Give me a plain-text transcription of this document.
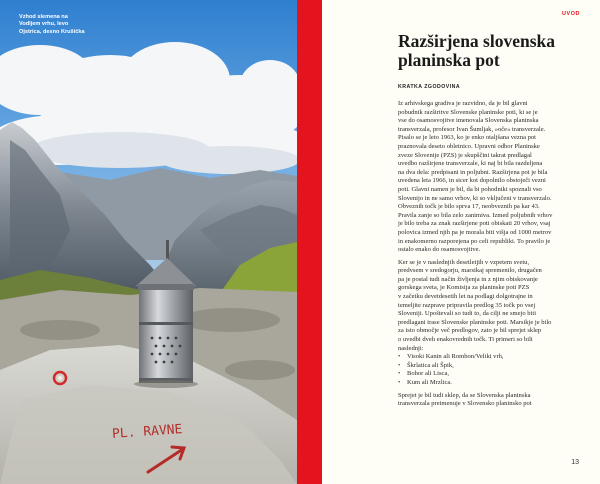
PL. RAVNE
Vzhod slemena na
Vodljem vrhu, levo
Ojstrica, desno Krušička
UVOD
Razširjena slovenska
planinska pot
KRATKA ZGODOVINA
Iz arhivskega gradiva je razvidno, da je bil glavni
pobudnik razširitve Slovenske planinske poti, ki se je
vse do osamosvojitve imenovala Slovenska planinska
transverzala, profesor Ivan Šumljak, »oče« transverzale.
Pisalo se je leto 1963, ko je enko otaljšana vezna pot
praznovala deseto obletnico. Upravni odbor Planinske
zveze Slovenije (PZS) je skupščini takrat predlagal
uvedbo razširjene transverzale, ki naj bi bila razdeljena
na dva dela: predpisani in poljubni. Razširjena pot je bila
uvedena leta 1966, in sicer kot dopolnilo obstoječi vezni
poti. Glavni namen je bil, da bi pohodniki spoznali vso
Slovenijo in ne samo vrhov, ki so vključeni v transverzalo.
Obveznih točk je bilo sprva 17, neobveznih pa kar 43.
Pravila zanje so bila zelo zanimiva. Izmed poljubnih vrhov
je bilo treba za znak razširjene poti obiskati 20 vrhov, vsaj
polovica izmed njih pa je morala biti višja od 1000 metrov
in enakomerno razporejena po celi republiki. To pravilo je
ostalo enako do osamosvojitve.
Ker se je v naslednjih desetletjih v vzpetem svetu,
predvsem v sredogorju, marsikaj spremenilo, drugačen
pa je postal tudi način življenja in z njim obiskovanje
gorskega sveta, je Komisija za planinske poti PZS
v začetku devetdesetih let na podlagi dolgotrajne in
temeljite razprave pripravila predlog 35 točk po vsej
Sloveniji. Upoštevali so tudi to, da cilji ne smejo biti
predlagani trase Slovenske planinske poti. Marsikje je bilo
za isto območje več predlogov, zato je bil sprejet sklep
o uvedbi dveh enakovrednih točk. Ti primeri so bili
naslednji:
• Visoki Kanin ali Rombon/Veliki vrh,
• Škrlatica ali Špik,
• Bohor ali Lisca,
• Kum ali Mrzlica.
Sprejet je bil tudi sklep, da se Slovenska planinska
transverzala preimenuje v Slovensko planinsko pot
13
